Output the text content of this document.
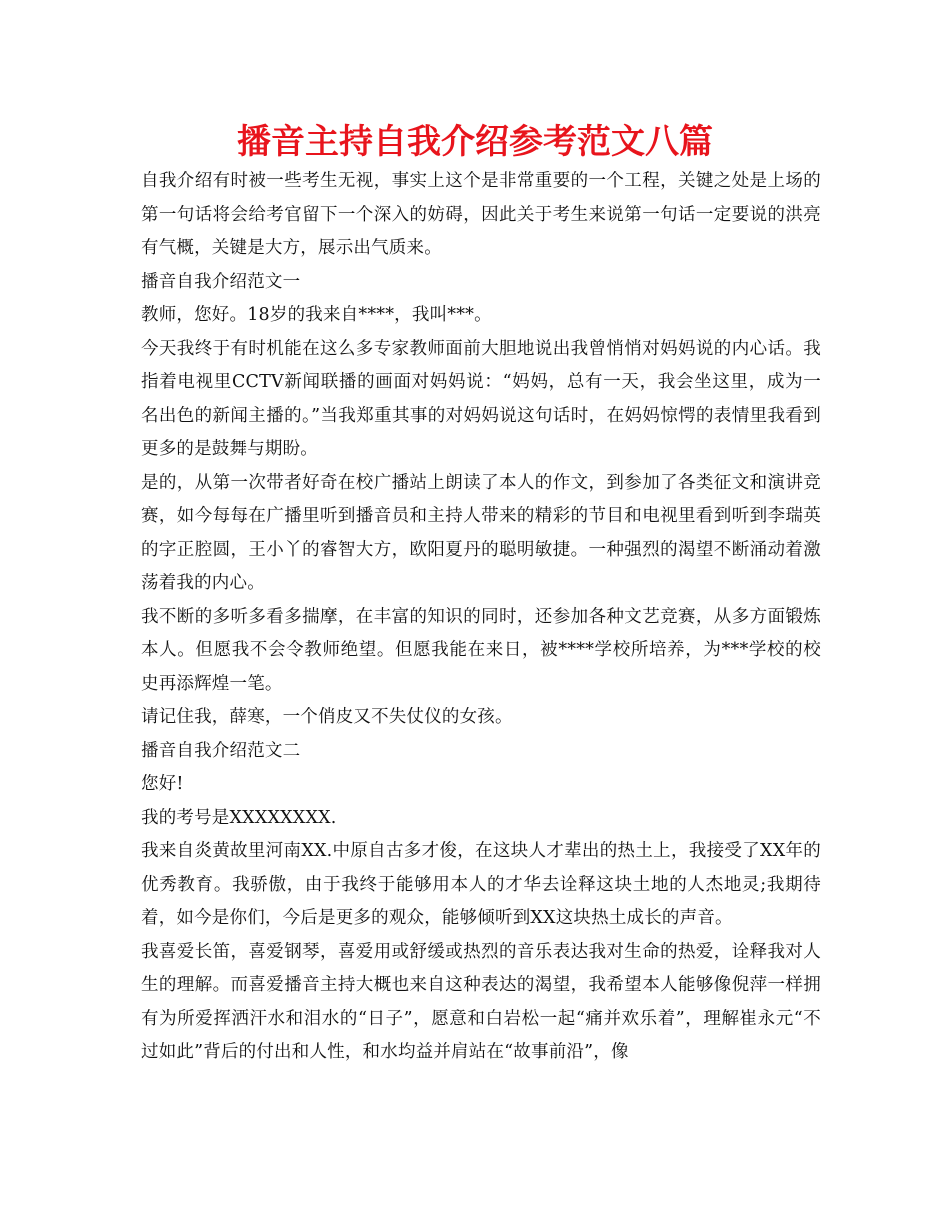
播音主持自我介绍参考范文八篇

自我介绍有时被一些考生无视，事实上这个是非常重要的一个工程，关键之处是上场的第一句话将会给考官留下一个深入的妨碍，因此关于考生来说第一句话一定要说的洪亮有气概，关键是大方，展示出气质来。

播音自我介绍范文一

教师，您好。18岁的我来自****，我叫***。

今天我终于有时机能在这么多专家教师面前大胆地说出我曾悄悄对妈妈说的内心话。我指着电视里CCTV新闻联播的画面对妈妈说：“妈妈，总有一天，我会坐这里，成为一名出色的新闻主播的。”当我郑重其事的对妈妈说这句话时，在妈妈惊愕的表情里我看到更多的是鼓舞与期盼。

是的，从第一次带者好奇在校广播站上朗读了本人的作文，到参加了各类征文和演讲竞赛，如今每每在广播里听到播音员和主持人带来的精彩的节目和电视里看到听到李瑞英的字正腔圆，王小丫的睿智大方，欧阳夏丹的聪明敏捷。一种强烈的渴望不断涌动着激荡着我的内心。

我不断的多听多看多揣摩，在丰富的知识的同时，还参加各种文艺竞赛，从多方面锻炼本人。但愿我不会令教师绝望。但愿我能在来日，被****学校所培养，为***学校的校史再添辉煌一笔。

请记住我，薛寒，一个俏皮又不失仗仪的女孩。

播音自我介绍范文二

您好!

我的考号是XXXXXXXX.

我来自炎黄故里河南XX.中原自古多才俊，在这块人才辈出的热土上，我接受了XX年的优秀教育。我骄傲，由于我终于能够用本人的才华去诠释这块土地的人杰地灵;我期待着，如今是你们，今后是更多的观众，能够倾听到XX这块热土成长的声音。

我喜爱长笛，喜爱钢琴，喜爱用或舒缓或热烈的音乐表达我对生命的热爱，诠释我对人生的理解。而喜爱播音主持大概也来自这种表达的渴望，我希望本人能够像倪萍一样拥有为所爱挥洒汗水和泪水的“日子”，愿意和白岩松一起“痛并欢乐着”，理解崔永元“不过如此”背后的付出和人性，和水均益并肩站在“故事前沿”，像
